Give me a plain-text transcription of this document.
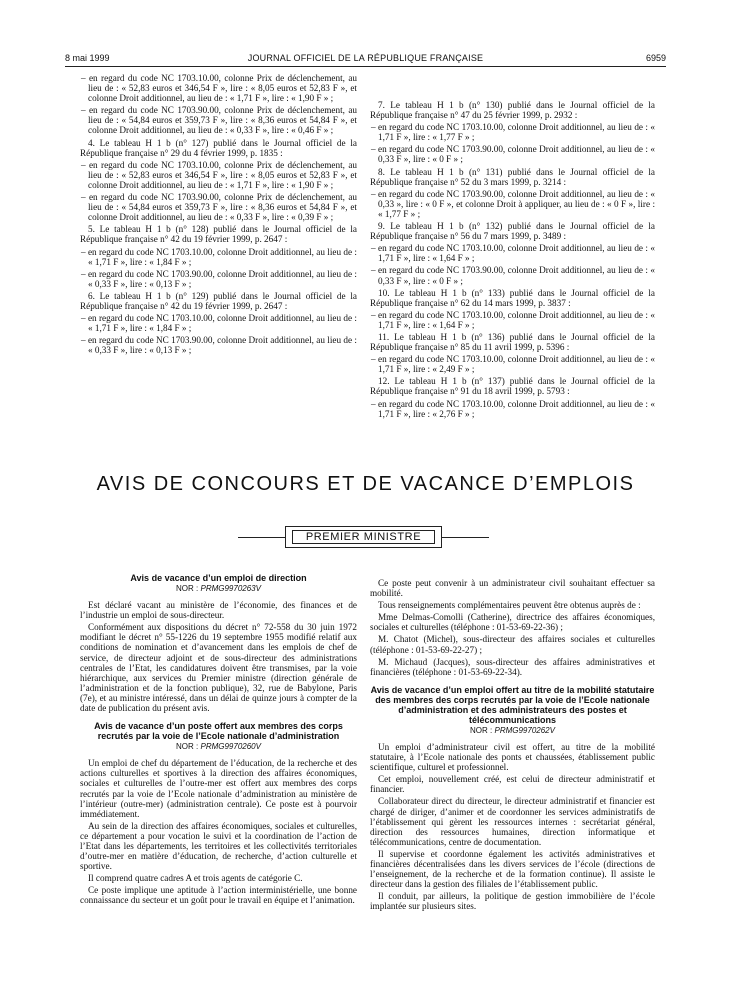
8 mai 1999	JOURNAL OFFICIEL DE LA RÉPUBLIQUE FRANÇAISE	6959

– en regard du code NC 1703.10.00, colonne Prix de déclenchement, au lieu de : « 52,83 euros et 346,54 F », lire : « 8,05 euros et 52,83 F », et colonne Droit additionnel, au lieu de : « 1,71 F », lire : « 1,90 F » ;

– en regard du code NC 1703.90.00, colonne Prix de déclenchement, au lieu de : « 54,84 euros et 359,73 F », lire : « 8,36 euros et 54,84 F », et colonne Droit additionnel, au lieu de : « 0,33 F », lire : « 0,46 F » ;

4. Le tableau H 1 b (n° 127) publié dans le Journal officiel de la République française n° 29 du 4 février 1999, p. 1835 :

– en regard du code NC 1703.10.00, colonne Prix de déclenchement, au lieu de : « 52,83 euros et 346,54 F », lire : « 8,05 euros et 52,83 F », et colonne Droit additionnel, au lieu de : « 1,71 F », lire : « 1,90 F » ;

– en regard du code NC 1703.90.00, colonne Prix de déclenchement, au lieu de : « 54,84 euros et 359,73 F », lire : « 8,36 euros et 54,84 F », et colonne Droit additionnel, au lieu de : « 0,33 F », lire : « 0,39 F » ;

5. Le tableau H 1 b (n° 128) publié dans le Journal officiel de la République française n° 42 du 19 février 1999, p. 2647 :

– en regard du code NC 1703.10.00, colonne Droit additionnel, au lieu de : « 1,71 F », lire : « 1,84 F » ;

– en regard du code NC 1703.90.00, colonne Droit additionnel, au lieu de : « 0,33 F », lire : « 0,13 F » ;

6. Le tableau H 1 b (n° 129) publié dans le Journal officiel de la République française n° 42 du 19 février 1999, p. 2647 :

– en regard du code NC 1703.10.00, colonne Droit additionnel, au lieu de : « 1,71 F », lire : « 1,84 F » ;

– en regard du code NC 1703.90.00, colonne Droit additionnel, au lieu de : « 0,33 F », lire : « 0,13 F » ;

7. Le tableau H 1 b (n° 130) publié dans le Journal officiel de la République française n° 47 du 25 février 1999, p. 2932 :

– en regard du code NC 1703.10.00, colonne Droit additionnel, au lieu de : « 1,71 F », lire : « 1,77 F » ;

– en regard du code NC 1703.90.00, colonne Droit additionnel, au lieu de : « 0,33 F », lire : « 0 F » ;

8. Le tableau H 1 b (n° 131) publié dans le Journal officiel de la République française n° 52 du 3 mars 1999, p. 3214 :

– en regard du code NC 1703.90.00, colonne Droit additionnel, au lieu de : « 0,33 », lire : « 0 F », et colonne Droit à appliquer, au lieu de : « 0 F », lire : « 1,77 F » ;

9. Le tableau H 1 b (n° 132) publié dans le Journal officiel de la République française n° 56 du 7 mars 1999, p. 3489 :

– en regard du code NC 1703.10.00, colonne Droit additionnel, au lieu de : « 1,71 F », lire : « 1,64 F » ;

– en regard du code NC 1703.90.00, colonne Droit additionnel, au lieu de : « 0,33 F », lire : « 0 F » ;

10. Le tableau H 1 b (n° 133) publié dans le Journal officiel de la République française n° 62 du 14 mars 1999, p. 3837 :

– en regard du code NC 1703.10.00, colonne Droit additionnel, au lieu de : « 1,71 F », lire : « 1,64 F » ;

11. Le tableau H 1 b (n° 136) publié dans le Journal officiel de la République française n° 85 du 11 avril 1999, p. 5396 :

– en regard du code NC 1703.10.00, colonne Droit additionnel, au lieu de : « 1,71 F », lire : « 2,49 F » ;

12. Le tableau H 1 b (n° 137) publié dans le Journal officiel de la République française n° 91 du 18 avril 1999, p. 5793 :

– en regard du code NC 1703.10.00, colonne Droit additionnel, au lieu de : « 1,71 F », lire : « 2,76 F » ;

AVIS DE CONCOURS ET DE VACANCE D’EMPLOIS
PREMIER MINISTRE
Avis de vacance d’un emploi de direction
NOR : PRMG9970263V

Est déclaré vacant au ministère de l’économie, des finances et de l’industrie un emploi de sous-directeur.

Conformément aux dispositions du décret n° 72-558 du 30 juin 1972 modifiant le décret n° 55-1226 du 19 septembre 1955 modifié relatif aux conditions de nomination et d’avancement dans les emplois de chef de service, de directeur adjoint et de sous-directeur des administrations centrales de l’Etat, les candidatures doivent être transmises, par la voie hiérarchique, aux services du Premier ministre (direction générale de l’administration et de la fonction publique), 32, rue de Babylone, Paris (7e), et au ministre intéressé, dans un délai de quinze jours à compter de la date de publication du présent avis.

Avis de vacance d’un poste offert aux membres des corps recrutés par la voie de l’Ecole nationale d’administration
NOR : PRMG9970260V

Un emploi de chef du département de l’éducation, de la recherche et des actions culturelles et sportives à la direction des affaires économiques, sociales et culturelles de l’outre-mer est offert aux membres des corps recrutés par la voie de l’Ecole nationale d’administration au ministère de l’intérieur (outre-mer) (administration centrale). Ce poste est à pourvoir immédiatement.

Au sein de la direction des affaires économiques, sociales et culturelles, ce département a pour vocation le suivi et la coordination de l’action de l’Etat dans les départements, les territoires et les collectivités territoriales d’outre-mer en matière d’éducation, de recherche, d’action culturelle et sportive.

Il comprend quatre cadres A et trois agents de catégorie C.

Ce poste implique une aptitude à l’action interministérielle, une bonne connaissance du secteur et un goût pour le travail en équipe et l’animation.

Ce poste peut convenir à un administrateur civil souhaitant effectuer sa mobilité.

Tous renseignements complémentaires peuvent être obtenus auprès de :

Mme Delmas-Comolli (Catherine), directrice des affaires économiques, sociales et culturelles (téléphone : 01-53-69-22-36) ;

M. Chatot (Michel), sous-directeur des affaires sociales et culturelles (téléphone : 01-53-69-22-27) ;

M. Michaud (Jacques), sous-directeur des affaires administratives et financières (téléphone : 01-53-69-22-34).

Avis de vacance d’un emploi offert au titre de la mobilité statutaire des membres des corps recrutés par la voie de l’Ecole nationale d’administration et des administrateurs des postes et télécommunications
NOR : PRMG9970262V

Un emploi d’administrateur civil est offert, au titre de la mobilité statutaire, à l’Ecole nationale des ponts et chaussées, établissement public scientifique, culturel et professionnel.

Cet emploi, nouvellement créé, est celui de directeur administratif et financier.

Collaborateur direct du directeur, le directeur administratif et financier est chargé de diriger, d’animer et de coordonner les services administratifs de l’établissement qui gèrent les ressources internes : secrétariat général, direction des ressources humaines, direction informatique et télécommunications, centre de documentation.

Il supervise et coordonne également les activités administratives et financières décentralisées dans les divers services de l’école (directions de l’enseignement, de la recherche et de la formation continue). Il assiste le directeur dans la gestion des filiales de l’établissement public.

Il conduit, par ailleurs, la politique de gestion immobilière de l’école implantée sur plusieurs sites.
